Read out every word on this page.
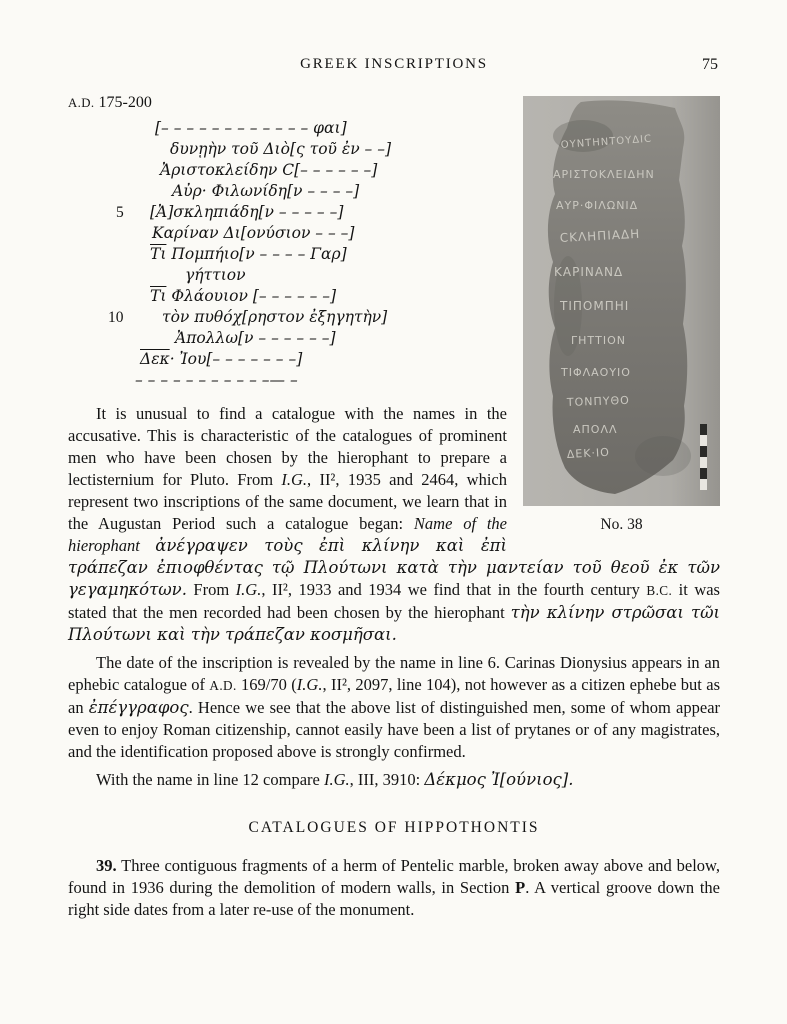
GREEK INSCRIPTIONS	75
ΟΥΝΤΗΝΤΟΥΔΙϹ
ΑΡΙΣΤΟΚΛΕΙΔΗΝ
ΑΥΡ·ΦΙΛΩΝΙΔ
ϹΚΛΗΠΙΑΔΗ
ΚΑΡΙΝΑΝΔ
ΤΙΠΟΜΠΗΙ
ΓΗΤΤΙΟΝ
ΤΙΦΛΑΟΥΙΟ
ΤΟΝΠΥΘΟ
ΑΠΟΛΛ
ΔΕΚ·ΙΟ
No. 38
A.D. 175-200
[– – – – – – – – – – – – φαι]
δυνῃὴν τοῦ Διὸ[ς τοῦ ἐν – –]
Ἀριστοκλείδην Ϲ[– – – – – –]
Αὐρ· Φιλωνίδη[ν – – – –]
5 [Ἀ]σκληπιάδη[ν – – – – –]
Καρίναν Δι[ονύσιον – – –]
$\overline{T\iota}$ Πομπήιο[ν – – – – Γαρ]
γήττιον
$\overline{T\iota}$ Φλάουιον [– – – – – –]
10 τὸν πυθόχ[ρηστον ἐξηγητὴν]
Ἀπολλω[ν – – – – – –]
$\overline{\Delta\varepsilon\kappa}\cdot$ Ἰου[– – – – – – –]
– – – – – – – – – – –— –

It is unusual to find a catalogue with the names in the accusative. This is characteristic of the catalogues of prominent men who have been chosen by the hierophant to prepare a lectisternium for Pluto. From I.G., II², 1935 and 2464, which represent two inscriptions of the same document, we learn that in the Augustan Period such a catalogue began: Name of the hierophant ἀνέγραψεν τοὺς ἐπὶ κλίνην καὶ ἐπὶ τράπεζαν ἐπιοφθέντας τῷ Πλούτωνι κατὰ τὴν μαντείαν τοῦ θεοῦ ἐκ τῶν γεγαμηκότων. From I.G., II², 1933 and 1934 we find that in the fourth century B.C. it was stated that the men recorded had been chosen by the hierophant τὴν κλίνην στρῶσαι τῶι Πλούτωνι καὶ τὴν τράπεζαν κοσμῆσαι.

The date of the inscription is revealed by the name in line 6. Carinas Dionysius appears in an ephebic catalogue of A.D. 169/70 (I.G., II², 2097, line 104), not however as a citizen ephebe but as an ἐπέγγραφος. Hence we see that the above list of distinguished men, some of whom appear even to enjoy Roman citizenship, cannot easily have been a list of prytanes or of any magistrates, and the identification proposed above is strongly confirmed.

With the name in line 12 compare I.G., III, 3910: Δέκμος Ἰ[ούνιος].

CATALOGUES OF HIPPOTHONTIS

39. Three contiguous fragments of a herm of Pentelic marble, broken away above and below, found in 1936 during the demolition of modern walls, in Section P. A vertical groove down the right side dates from a later re-use of the monument.
